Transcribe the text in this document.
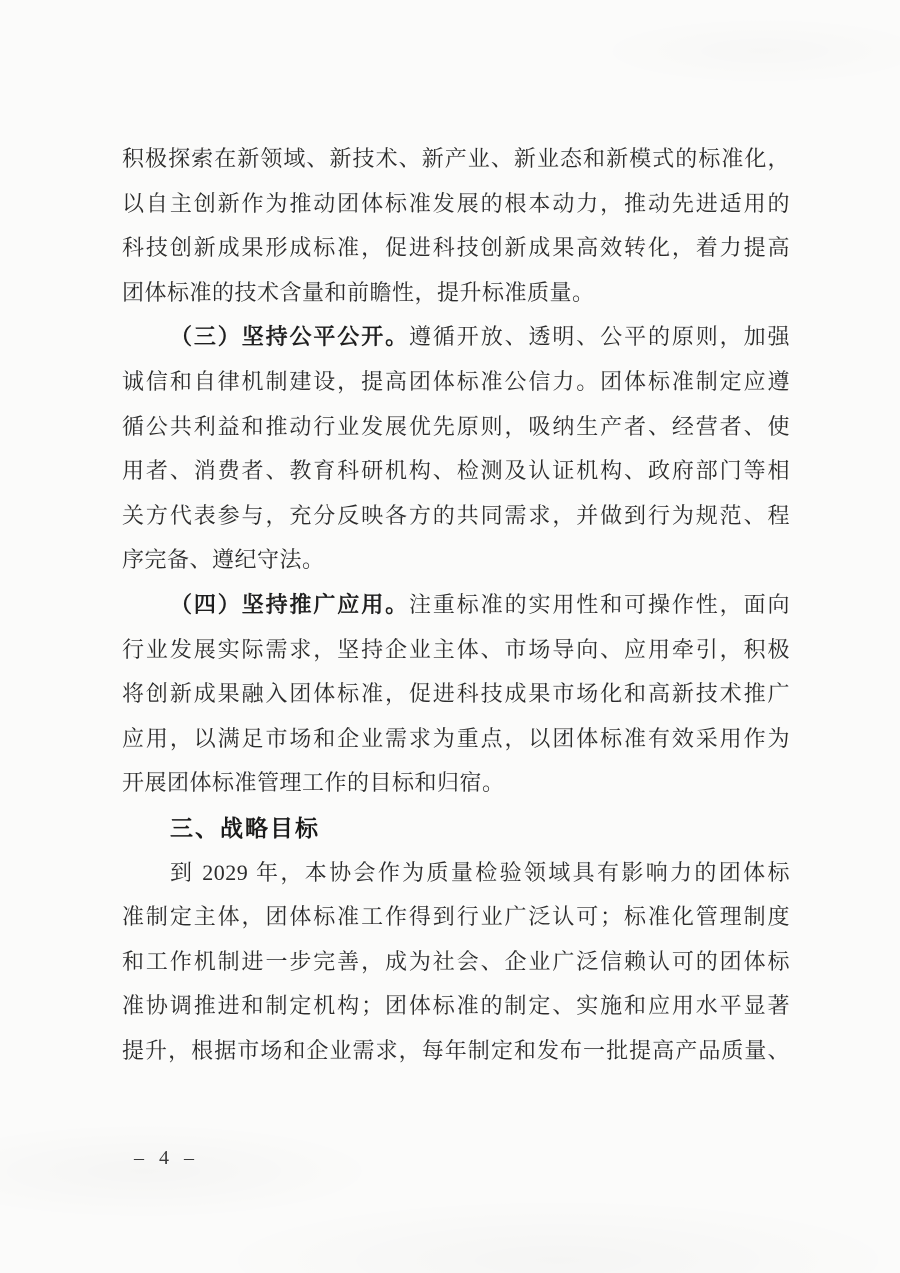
积极探索在新领域、新技术、新产业、新业态和新模式的标准化，
以自主创新作为推动团体标准发展的根本动力，推动先进适用的
科技创新成果形成标准，促进科技创新成果高效转化，着力提高
团体标准的技术含量和前瞻性，提升标准质量。
（三）坚持公平公开。遵循开放、透明、公平的原则，加强
诚信和自律机制建设，提高团体标准公信力。团体标准制定应遵
循公共利益和推动行业发展优先原则，吸纳生产者、经营者、使
用者、消费者、教育科研机构、检测及认证机构、政府部门等相
关方代表参与，充分反映各方的共同需求，并做到行为规范、程
序完备、遵纪守法。
（四）坚持推广应用。注重标准的实用性和可操作性，面向
行业发展实际需求，坚持企业主体、市场导向、应用牵引，积极
将创新成果融入团体标准，促进科技成果市场化和高新技术推广
应用，以满足市场和企业需求为重点，以团体标准有效采用作为
开展团体标准管理工作的目标和归宿。
三、战略目标
到 2029 年，本协会作为质量检验领域具有影响力的团体标
准制定主体，团体标准工作得到行业广泛认可；标准化管理制度
和工作机制进一步完善，成为社会、企业广泛信赖认可的团体标
准协调推进和制定机构；团体标准的制定、实施和应用水平显著
提升，根据市场和企业需求，每年制定和发布一批提高产品质量、
– 4 –
